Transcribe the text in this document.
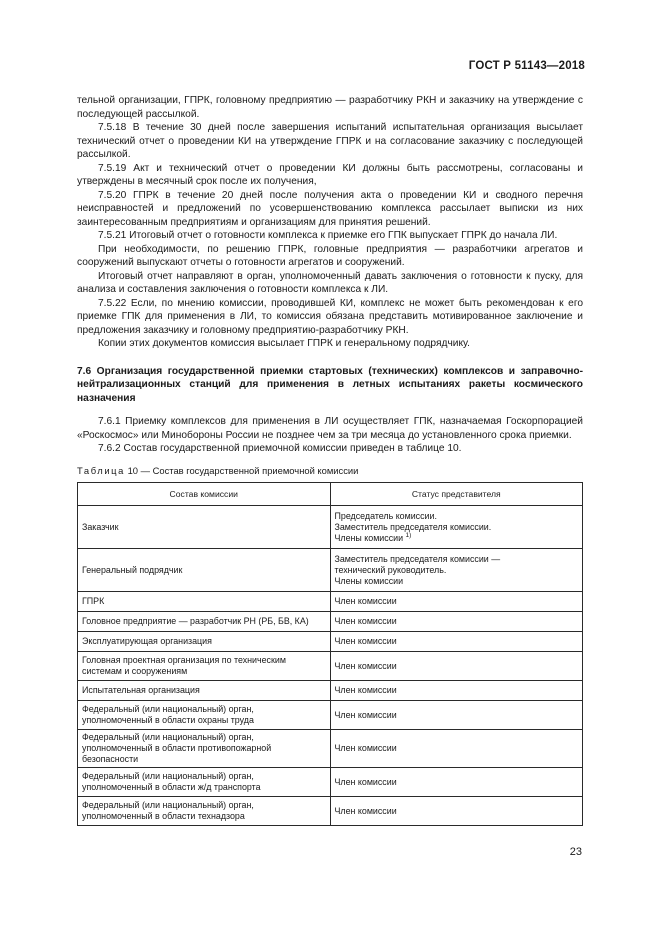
ГОСТ Р 51143—2018

тельной организации, ГПРК, головному предприятию — разработчику РКН и заказчику на утверждение с последующей рассылкой.

7.5.18 В течение 30 дней после завершения испытаний испытательная организация высылает технический отчет о проведении КИ на утверждение ГПРК и на согласование заказчику с последующей рассылкой.

7.5.19 Акт и технический отчет о проведении КИ должны быть рассмотрены, согласованы и утверждены в месячный срок после их получения,

7.5.20 ГПРК в течение 20 дней после получения акта о проведении КИ и сводного перечня неисправностей и предложений по усовершенствованию комплекса рассылает выписки из них заинтересованным предприятиям и организациям для принятия решений.

7.5.21 Итоговый отчет о готовности комплекса к приемке его ГПК выпускает ГПРК до начала ЛИ.

При необходимости, по решению ГПРК, головные предприятия — разработчики агрегатов и сооружений выпускают отчеты о готовности агрегатов и сооружений.

Итоговый отчет направляют в орган, уполномоченный давать заключения о готовности к пуску, для анализа и составления заключения о готовности комплекса к ЛИ.

7.5.22 Если, по мнению комиссии, проводившей КИ, комплекс не может быть рекомендован к его приемке ГПК для применения в ЛИ, то комиссия обязана представить мотивированное заключение и предложения заказчику и головному предприятию-разработчику РКН.

Копии этих документов комиссия высылает ГПРК и генеральному подрядчику.

7.6 Организация государственной приемки стартовых (технических) комплексов и заправочно-нейтрализационных станций для применения в летных испытаниях ракеты космического назначения

7.6.1 Приемку комплексов для применения в ЛИ осуществляет ГПК, назначаемая Госкорпорацией «Роскосмос» или Минобороны России не позднее чем за три месяца до установленного срока приемки.

7.6.2 Состав государственной приемочной комиссии приведен в таблице 10.

Таблица 10 — Состав государственной приемочной комиссии

Состав комиссии	Статус представителя
Заказчик	Председатель комиссии.
Заместитель председателя комиссии.
Члены комиссии $^{1)}$

Генеральный подрядчик	Заместитель председателя комиссии —
технический руководитель.
Члены комиссии

ГПРК	Член комиссии

Головное предприятие — разработчик РН (РБ, БВ, КА)	Член комиссии

Эксплуатирующая организация	Член комиссии

Головная проектная организация по техническим системам и сооружениям	Член комиссии

Испытательная организация	Член комиссии

Федеральный (или национальный) орган, уполномоченный в области охраны труда	Член комиссии

Федеральный (или национальный) орган, уполномоченный в области противопожарной безопасности	Член комиссии

Федеральный (или национальный) орган, уполномоченный в области ж/д транспорта	Член комиссии

Федеральный (или национальный) орган, уполномоченный в области технадзора	Член комиссии
23
